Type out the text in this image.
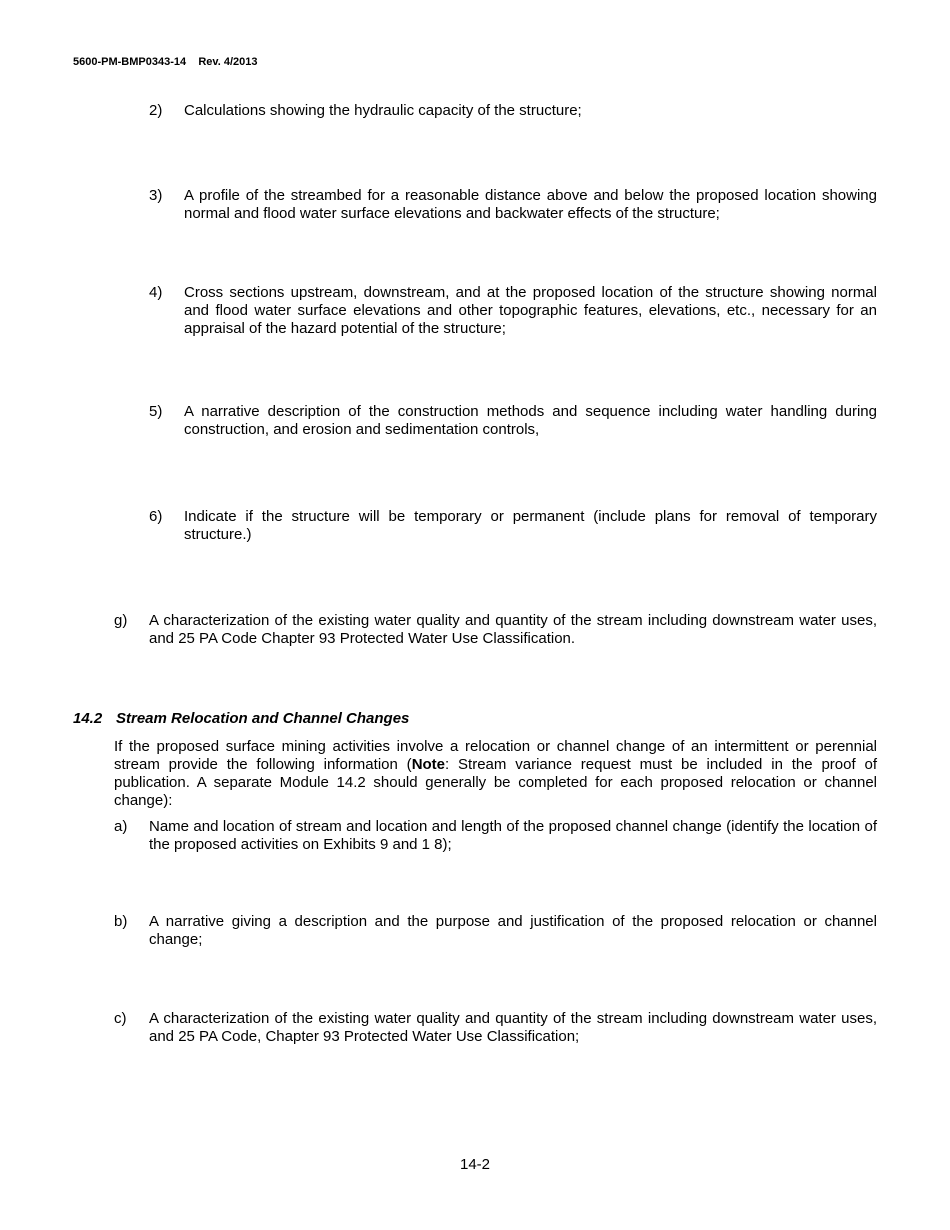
5600-PM-BMP0343-14 Rev. 4/2013
2) Calculations showing the hydraulic capacity of the structure;
3) A profile of the streambed for a reasonable distance above and below the proposed location showing normal and flood water surface elevations and backwater effects of the structure;
4) Cross sections upstream, downstream, and at the proposed location of the structure showing normal and flood water surface elevations and other topographic features, elevations, etc., necessary for an appraisal of the hazard potential of the structure;
5) A narrative description of the construction methods and sequence including water handling during construction, and erosion and sedimentation controls,
6) Indicate if the structure will be temporary or permanent (include plans for removal of temporary structure.)
g) A characterization of the existing water quality and quantity of the stream including downstream water uses, and 25 PA Code Chapter 93 Protected Water Use Classification.
14.2 Stream Relocation and Channel Changes
If the proposed surface mining activities involve a relocation or channel change of an intermittent or perennial stream provide the following information (Note: Stream variance request must be included in the proof of publication. A separate Module 14.2 should generally be completed for each proposed relocation or channel change):
a) Name and location of stream and location and length of the proposed channel change (identify the location of the proposed activities on Exhibits 9 and 1 8);
b) A narrative giving a description and the purpose and justification of the proposed relocation or channel change;
c) A characterization of the existing water quality and quantity of the stream including downstream water uses, and 25 PA Code, Chapter 93 Protected Water Use Classification;
14-2
